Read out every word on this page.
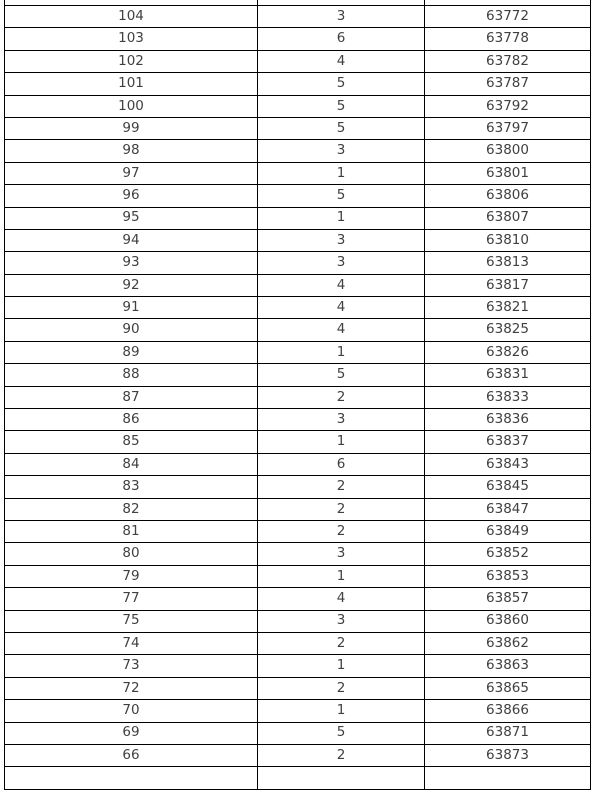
104	3	63772
103	6	63778
102	4	63782
101	5	63787
100	5	63792
99	5	63797
98	3	63800
97	1	63801
96	5	63806
95	1	63807
94	3	63810
93	3	63813
92	4	63817
91	4	63821
90	4	63825
89	1	63826
88	5	63831
87	2	63833
86	3	63836
85	1	63837
84	6	63843
83	2	63845
82	2	63847
81	2	63849
80	3	63852
79	1	63853
77	4	63857
75	3	63860
74	2	63862
73	1	63863
72	2	63865
70	1	63866
69	5	63871
66	2	63873
